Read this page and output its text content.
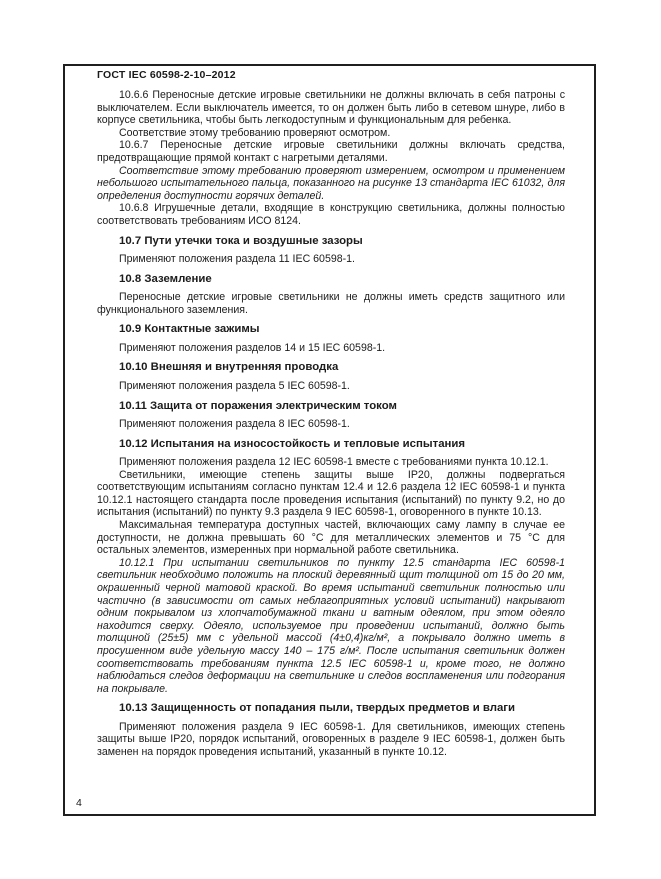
ГОСТ IEC 60598-2-10–2012
10.6.6 Переносные детские игровые светильники не должны включать в себя патроны с выключателем. Если выключатель имеется, то он должен быть либо в сетевом шнуре, либо в корпусе светильника, чтобы быть легкодоступным и функциональным для ребенка.
Соответствие этому требованию проверяют осмотром.
10.6.7 Переносные детские игровые светильники должны включать средства, предотвращающие прямой контакт с нагретыми деталями.
Соответствие этому требованию проверяют измерением, осмотром и применением небольшого испытательного пальца, показанного на рисунке 13 стандарта IEC 61032, для определения доступности горячих деталей.
10.6.8 Игрушечные детали, входящие в конструкцию светильника, должны полностью соответствовать требованиям ИСО 8124.
10.7 Пути утечки тока и воздушные зазоры
Применяют положения раздела 11 IEC 60598-1.
10.8 Заземление
Переносные детские игровые светильники не должны иметь средств защитного или функционального заземления.
10.9 Контактные зажимы
Применяют положения разделов 14 и 15 IEC 60598-1.
10.10 Внешняя и внутренняя проводка
Применяют положения раздела 5 IEC 60598-1.
10.11 Защита от поражения электрическим током
Применяют положения раздела 8 IEC 60598-1.
10.12 Испытания на износостойкость и тепловые испытания
Применяют положения раздела 12 IEC 60598-1 вместе с требованиями пункта 10.12.1.
Светильники, имеющие степень защиты выше IP20, должны подвергаться соответствующим испытаниям согласно пунктам 12.4 и 12.6 раздела 12 IEC 60598-1 и пункта 10.12.1 настоящего стандарта после проведения испытания (испытаний) по пункту 9.2, но до испытания (испытаний) по пункту 9.3 раздела 9 IEC 60598-1, оговоренного в пункте 10.13.
Максимальная температура доступных частей, включающих саму лампу в случае ее доступности, не должна превышать 60 °С для металлических элементов и 75 °С для остальных элементов, измеренных при нормальной работе светильника.
10.12.1 При испытании светильников по пункту 12.5 стандарта IEC 60598-1 светильник необходимо положить на плоский деревянный щит толщиной от 15 до 20 мм, окрашенный черной матовой краской. Во время испытаний светильник полностью или частично (в зависимости от самых неблагоприятных условий испытаний) накрывают одним покрывалом из хлопчатобумажной ткани и ватным одеялом, при этом одеяло находится сверху. Одеяло, используемое при проведении испытаний, должно быть толщиной (25±5) мм с удельной массой (4±0,4)кг/м², а покрывало должно иметь в просушенном виде удельную массу 140 – 175 г/м². После испытания светильник должен соответствовать требованиям пункта 12.5 IEC 60598-1 и, кроме того, не должно наблюдаться следов деформации на светильнике и следов воспламенения или подгорания на покрывале.
10.13 Защищенность от попадания пыли, твердых предметов и влаги
Применяют положения раздела 9 IEC 60598-1. Для светильников, имеющих степень защиты выше IP20, порядок испытаний, оговоренных в разделе 9 IEC 60598-1, должен быть заменен на порядок проведения испытаний, указанный в пункте 10.12.
4
